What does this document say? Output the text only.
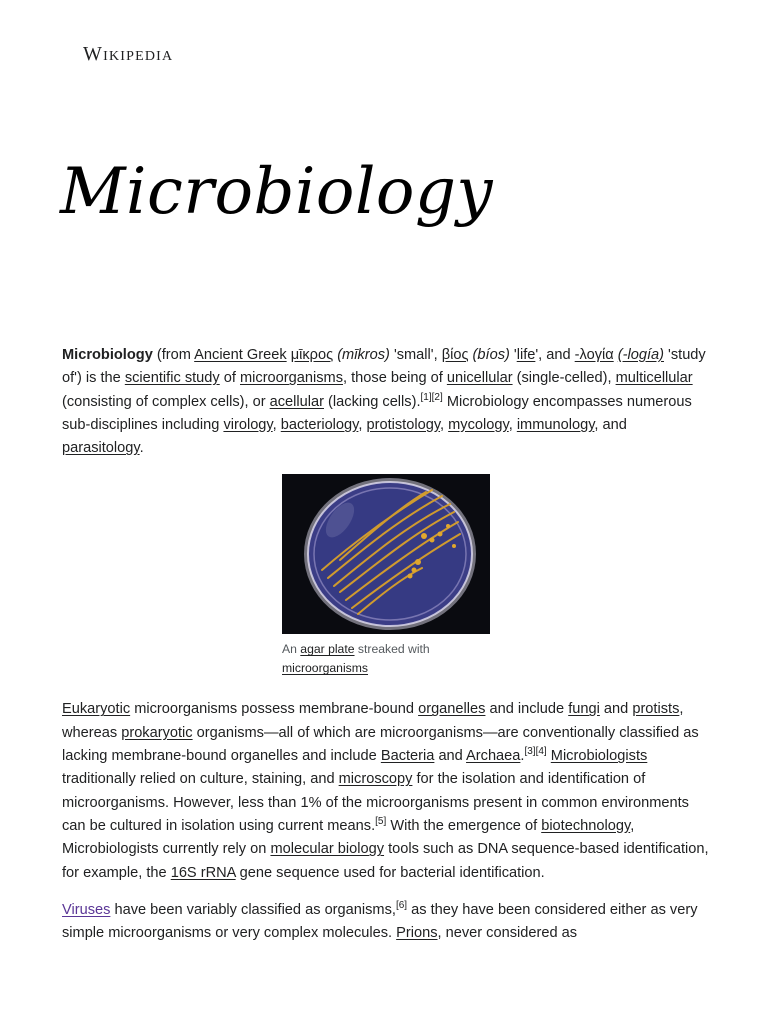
Wikipedia
Microbiology

Microbiology (from Ancient Greek μῑκρος (mīkros) 'small', βίος (bíos) 'life', and -λογία (-logía) 'study of') is the scientific study of microorganisms, those being of unicellular (single-celled), multicellular (consisting of complex cells), or acellular (lacking cells).[1][2] Microbiology encompasses numerous sub-disciplines including virology, bacteriology, protistology, mycology, immunology, and parasitology.

An agar plate streaked with microorganisms

Eukaryotic microorganisms possess membrane-bound organelles and include fungi and protists, whereas prokaryotic organisms—all of which are microorganisms—are conventionally classified as lacking membrane-bound organelles and include Bacteria and Archaea.[3][4] Microbiologists traditionally relied on culture, staining, and microscopy for the isolation and identification of microorganisms. However, less than 1% of the microorganisms present in common environments can be cultured in isolation using current means.[5] With the emergence of biotechnology, Microbiologists currently rely on molecular biology tools such as DNA sequence-based identification, for example, the 16S rRNA gene sequence used for bacterial identification.

Viruses have been variably classified as organisms,[6] as they have been considered either as very simple microorganisms or very complex molecules. Prions, never considered as
